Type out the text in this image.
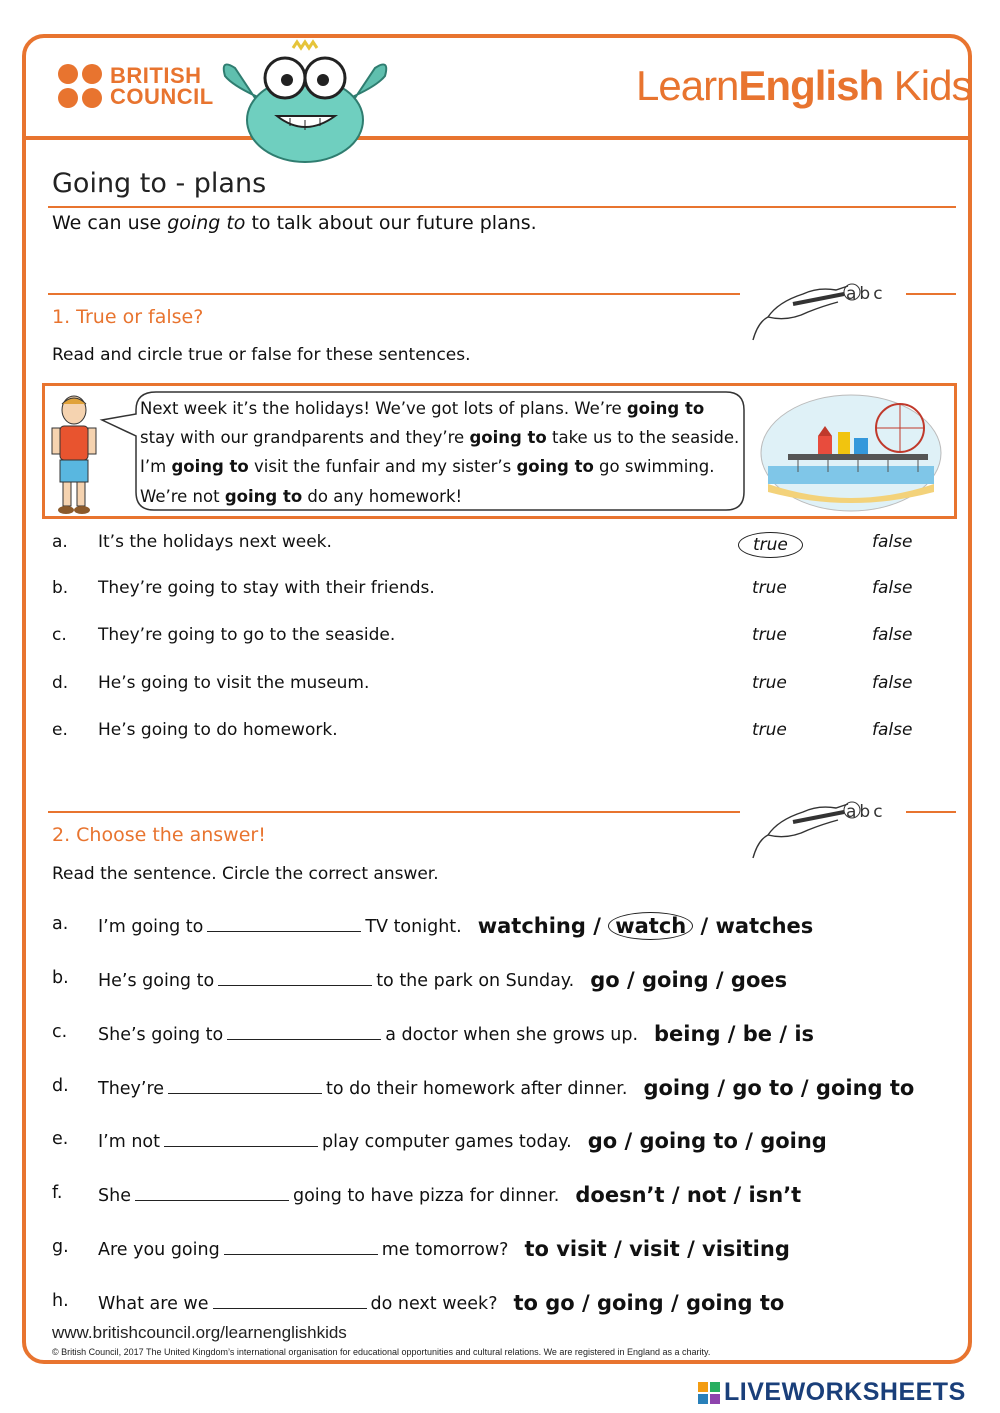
BRITISH
COUNCIL	LearnEnglish Kids
Going to - plans
We can use going to to talk about our future plans.
abc
1. True or false?
Read and circle true or false for these sentences.
Next week it’s the holidays! We’ve got lots of plans. We’re going to stay with our grandparents and they’re going to take us to the seaside. I’m going to visit the funfair and my sister’s going to go swimming. We’re not going to do any homework!
a. It’s the holidays next week.	true	false
b. They’re going to stay with their friends.	true	false
c. They’re going to go to the seaside.	true	false
d. He’s going to visit the museum.	true	false
e. He’s going to do homework.	true	false
abc
2. Choose the answer!
Read the sentence. Circle the correct answer.
a. I’m going to	TV tonight. watching / watch / watches
b. He’s going to	to the park on Sunday. go / going / goes
c. She’s going to	a doctor when she grows up. being / be / is
d. They’re	to do their homework after dinner. going / go to / going to
e. I’m not	play computer games today. go / going to / going
f. She	going to have pizza for dinner. doesn’t / not / isn’t
g. Are you going	me tomorrow? to visit / visit / visiting
h. What are we	do next week? to go / going / going to
www.britishcouncil.org/learnenglishkids
© British Council, 2017 The United Kingdom’s international organisation for educational opportunities and cultural relations. We are registered in England as a charity.
LIVEWORKSHEETS
